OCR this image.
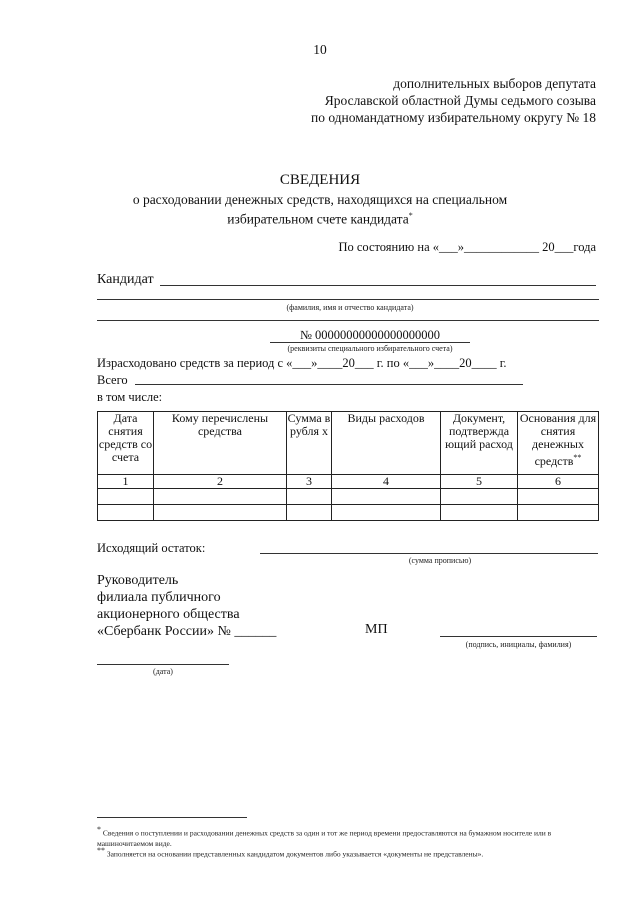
10
дополнительных выборов депутата
Ярославской областной Думы седьмого созыва
по одномандатному избирательному округу № 18
СВЕДЕНИЯ
о расходовании денежных средств, находящихся на специальном
избирательном счете кандидата*
По состоянию на «___»____________ 20___года
Кандидат
(фамилия, имя и отчество кандидата)
№ 00000000000000000000
(реквизиты специального избирательного счета)
Израсходовано средств за период с «___»____20___ г. по «___»____20____ г.
Всего
в том числе:
Дата снятия средств со счета	Кому перечислены средства	Сумма в рубля х	Виды расходов	Документ, подтвержда ющий расход	Основания для снятия денежных средств**
1	2	3	4	5	6

Исходящий остаток:
(сумма прописью)
Руководитель
филиала публичного
акционерного общества
«Сбербанк России» № ______	МП
(подпись, инициалы, фамилия)
(дата)
* Сведения о поступлении и расходовании денежных средств за один и тот же период времени предоставляются на бумажном носителе или в машиночитаемом виде.
** Заполняется на основании представленных кандидатом документов либо указывается «документы не представлены».
